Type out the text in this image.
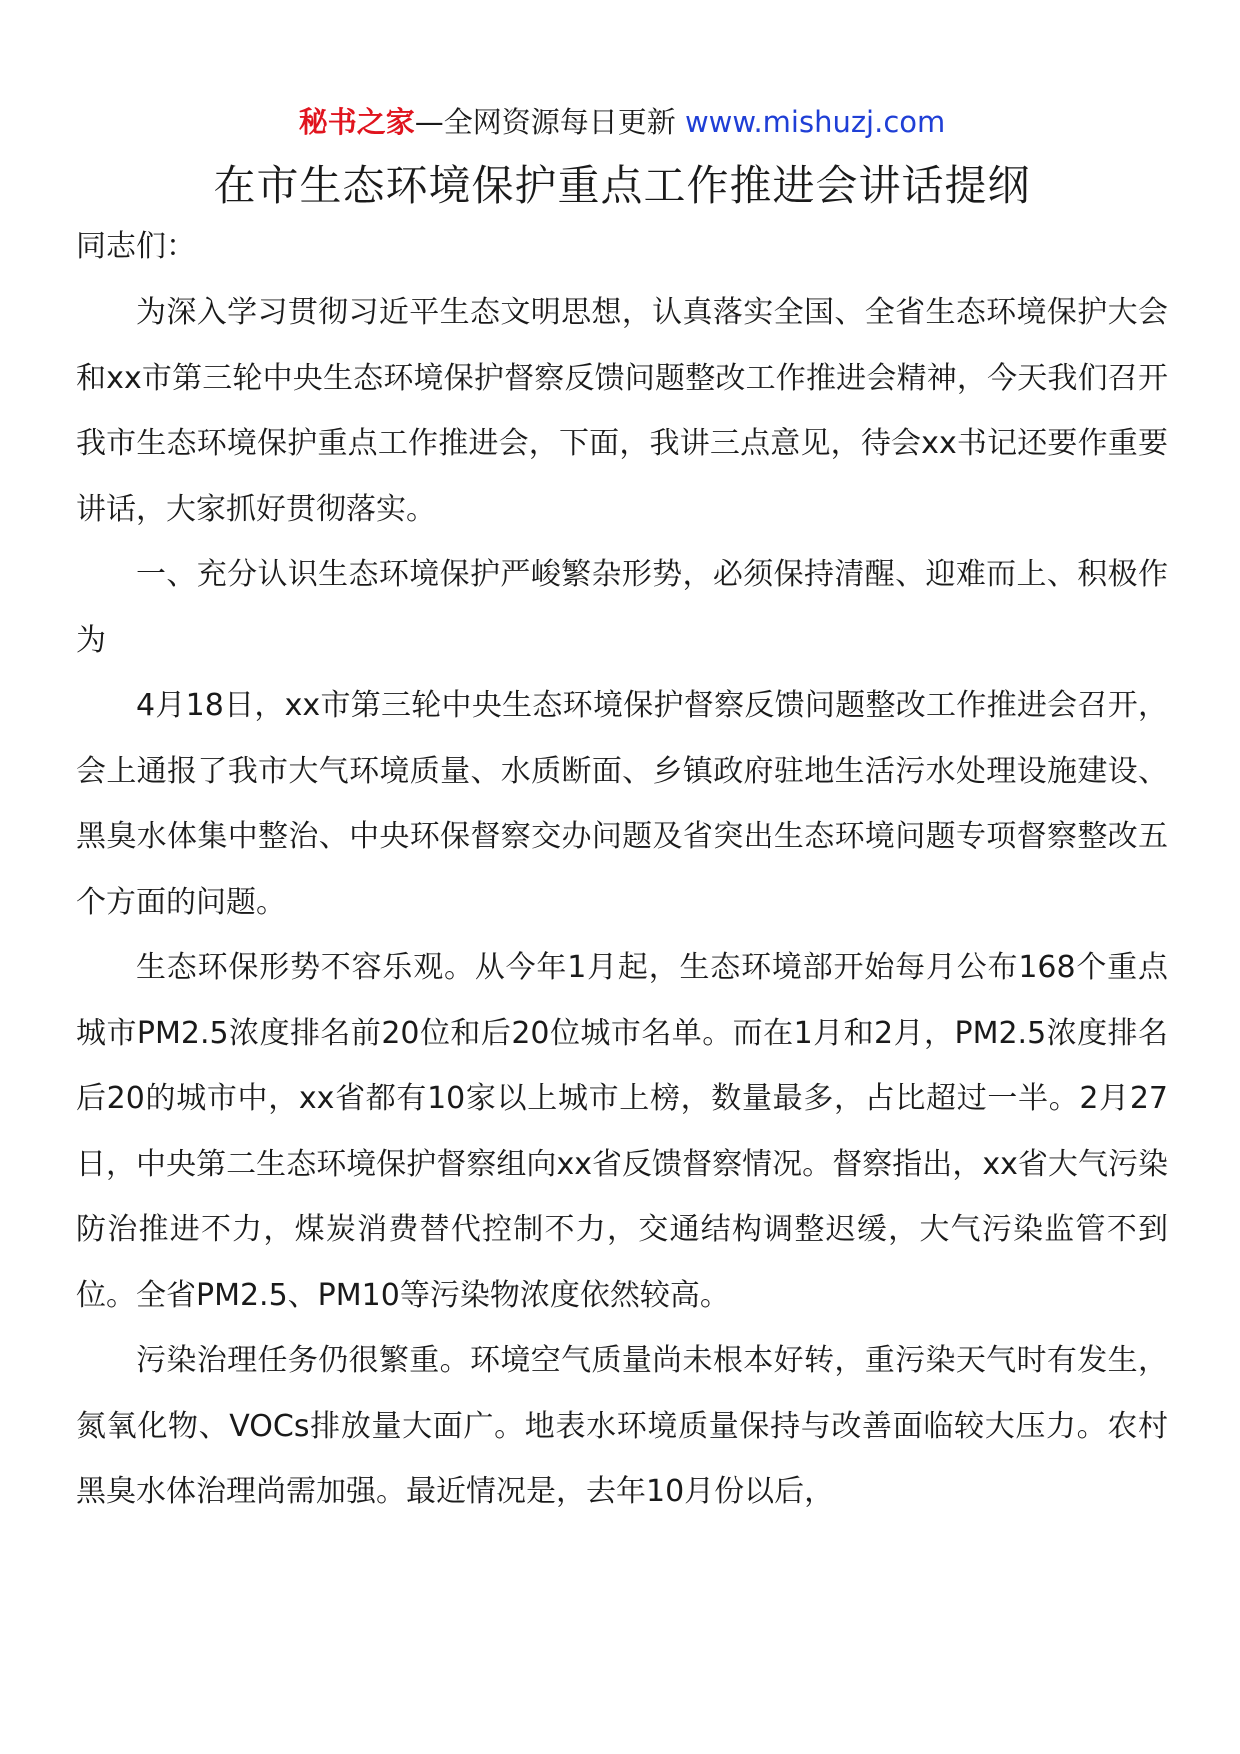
秘书之家—全网资源每日更新 www.mishuzj.com
在市生态环境保护重点工作推进会讲话提纲

同志们：

为深入学习贯彻习近平生态文明思想，认真落实全国、全省生态环境保护大会和xx市第三轮中央生态环境保护督察反馈问题整改工作推进会精神，今天我们召开我市生态环境保护重点工作推进会，下面，我讲三点意见，待会xx书记还要作重要讲话，大家抓好贯彻落实。

一、充分认识生态环境保护严峻繁杂形势，必须保持清醒、迎难而上、积极作为

4月18日，xx市第三轮中央生态环境保护督察反馈问题整改工作推进会召开，会上通报了我市大气环境质量、水质断面、乡镇政府驻地生活污水处理设施建设、黑臭水体集中整治、中央环保督察交办问题及省突出生态环境问题专项督察整改五个方面的问题。

生态环保形势不容乐观。从今年1月起，生态环境部开始每月公布168个重点城市PM2.5浓度排名前20位和后20位城市名单。而在1月和2月，PM2.5浓度排名后20的城市中，xx省都有10家以上城市上榜，数量最多，占比超过一半。2月27日，中央第二生态环境保护督察组向xx省反馈督察情况。督察指出，xx省大气污染防治推进不力，煤炭消费替代控制不力，交通结构调整迟缓，大气污染监管不到位。全省PM2.5、PM10等污染物浓度依然较高。

污染治理任务仍很繁重。环境空气质量尚未根本好转，重污染天气时有发生，氮氧化物、VOCs排放量大面广。地表水环境质量保持与改善面临较大压力。农村黑臭水体治理尚需加强。最近情况是，去年10月份以后，
